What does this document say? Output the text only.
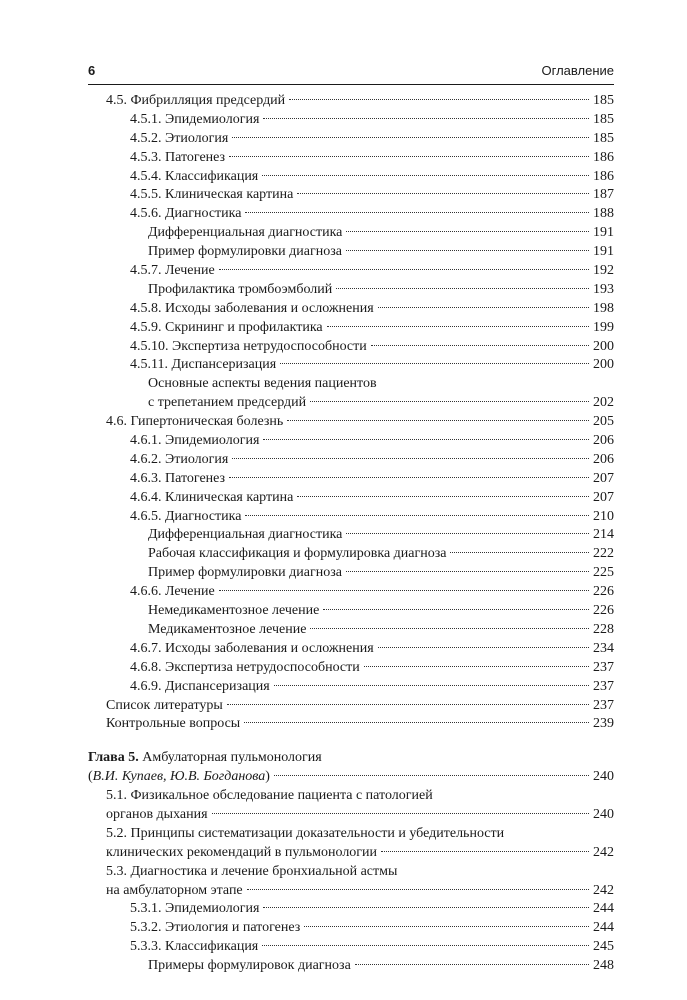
6	Оглавление
4.5. Фибрилляция предсердий	185
4.5.1. Эпидемиология	185
4.5.2. Этиология	185
4.5.3. Патогенез	186
4.5.4. Классификация	186
4.5.5. Клиническая картина	187
4.5.6. Диагностика	188
Дифференциальная диагностика	191
Пример формулировки диагноза	191
4.5.7. Лечение	192
Профилактика тромбоэмболий	193
4.5.8. Исходы заболевания и осложнения	198
4.5.9. Скрининг и профилактика	199
4.5.10. Экспертиза нетрудоспособности	200
4.5.11. Диспансеризация	200
Основные аспекты ведения пациентов
с трепетанием предсердий	202
4.6. Гипертоническая болезнь	205
4.6.1. Эпидемиология	206
4.6.2. Этиология	206
4.6.3. Патогенез	207
4.6.4. Клиническая картина	207
4.6.5. Диагностика	210
Дифференциальная диагностика	214
Рабочая классификация и формулировка диагноза	222
Пример формулировки диагноза	225
4.6.6. Лечение	226
Немедикаментозное лечение	226
Медикаментозное лечение	228
4.6.7. Исходы заболевания и осложнения	234
4.6.8. Экспертиза нетрудоспособности	237
4.6.9. Диспансеризация	237
Список литературы	237
Контрольные вопросы	239
Глава 5. Амбулаторная пульмонология
(В.И. Купаев, Ю.В. Богданова)	240
5.1. Физикальное обследование пациента с патологией
органов дыхания	240
5.2. Принципы систематизации доказательности и убедительности
клинических рекомендаций в пульмонологии	242
5.3. Диагностика и лечение бронхиальной астмы
на амбулаторном этапе	242
5.3.1. Эпидемиология	244
5.3.2. Этиология и патогенез	244
5.3.3. Классификация	245
Примеры формулировок диагноза	248
